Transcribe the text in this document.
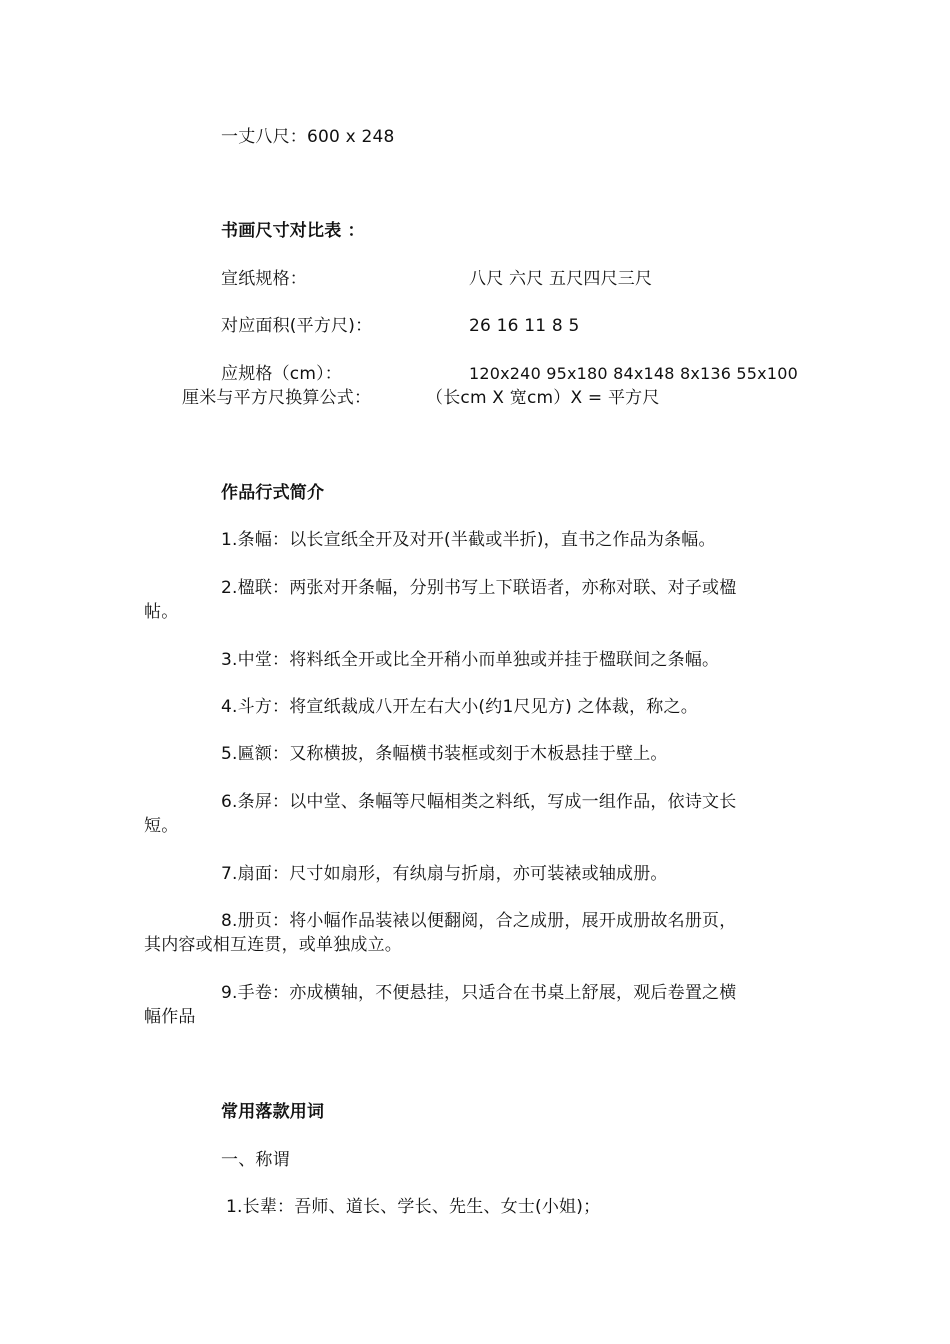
一丈八尺：600 x 248
书画尺寸对比表 ：
宣纸规格：	八尺 六尺 五尺四尺三尺
对应面积(平方尺)：	26 16 11 8 5
应规格（cm）：	120x240 95x180 84x148 8x136 55x100
厘米与平方尺换算公式：	（长cm X 宽cm）X = 平方尺
作品行式简介
1.条幅：以长宣纸全开及对开(半截或半折)，直书之作品为条幅。
2.楹联：两张对开条幅，分别书写上下联语者，亦称对联、对子或楹
帖。
3.中堂：将料纸全开或比全开稍小而单独或并挂于楹联间之条幅。
4.斗方：将宣纸裁成八开左右大小(约1尺见方) 之体裁，称之。
5.匾额：又称横披，条幅横书装框或刻于木板悬挂于壁上。
6.条屏：以中堂、条幅等尺幅相类之料纸，写成一组作品，依诗文长
短。
7.扇面：尺寸如扇形，有纨扇与折扇，亦可装裱或轴成册。
8.册页：将小幅作品装裱以便翻阅，合之成册，展开成册故名册页，
其内容或相互连贯，或单独成立。
9.手卷：亦成横轴，不便悬挂，只适合在书桌上舒展，观后卷置之横
幅作品
常用落款用词
一、称谓
1.长辈：吾师、道长、学长、先生、女士(小姐)；
